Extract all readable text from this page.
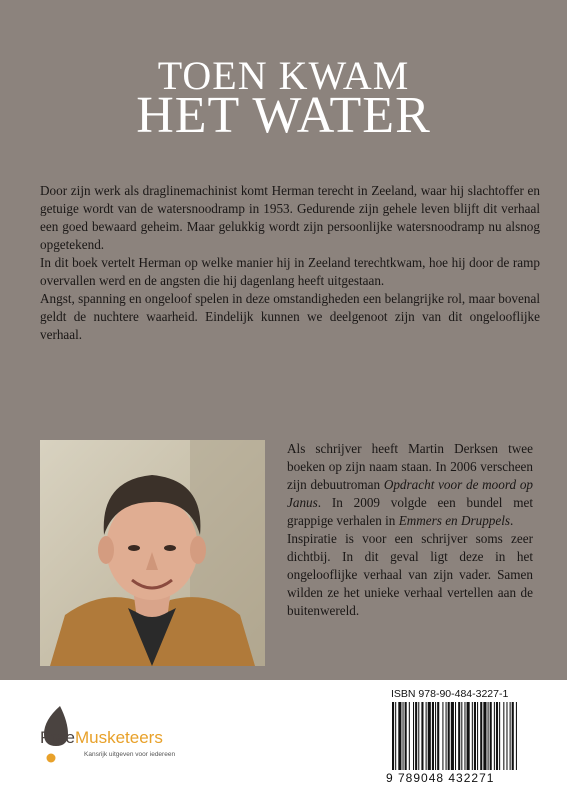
TOEN KWAM
HET WATER

Door zijn werk als draglinemachinist komt Herman terecht in Zeeland, waar hij slachtoffer en getuige wordt van de watersnoodramp in 1953. Gedurende zijn gehele leven blijft dit verhaal een goed bewaard geheim. Maar gelukkig wordt zijn persoonlijke watersnoodramp nu alsnog opgetekend.

In dit boek vertelt Herman op welke manier hij in Zeeland terechtkwam, hoe hij door de ramp overvallen werd en de angsten die hij dagenlang heeft uitgestaan.

Angst, spanning en ongeloof spelen in deze omstandigheden een belangrijke rol, maar bovenal geldt de nuchtere waarheid. Eindelijk kunnen we deelgenoot zijn van dit ongelooflijke verhaal.

Als schrijver heeft Martin Derksen twee boeken op zijn naam staan. In 2006 verscheen zijn debuutroman Opdracht voor de moord op Janus. In 2009 volgde een bundel met grappige verhalen in Emmers en Druppels.

Inspiratie is voor een schrijver soms zeer dichtbij. In dit geval ligt deze in het ongelooflijke verhaal van zijn vader. Samen wilden ze het unieke verhaal vertellen aan de buitenwereld.

FreeMusketeers
Kansrijk uitgeven voor iedereen
ISBN 978-90-484-3227-1
9 789048 432271
